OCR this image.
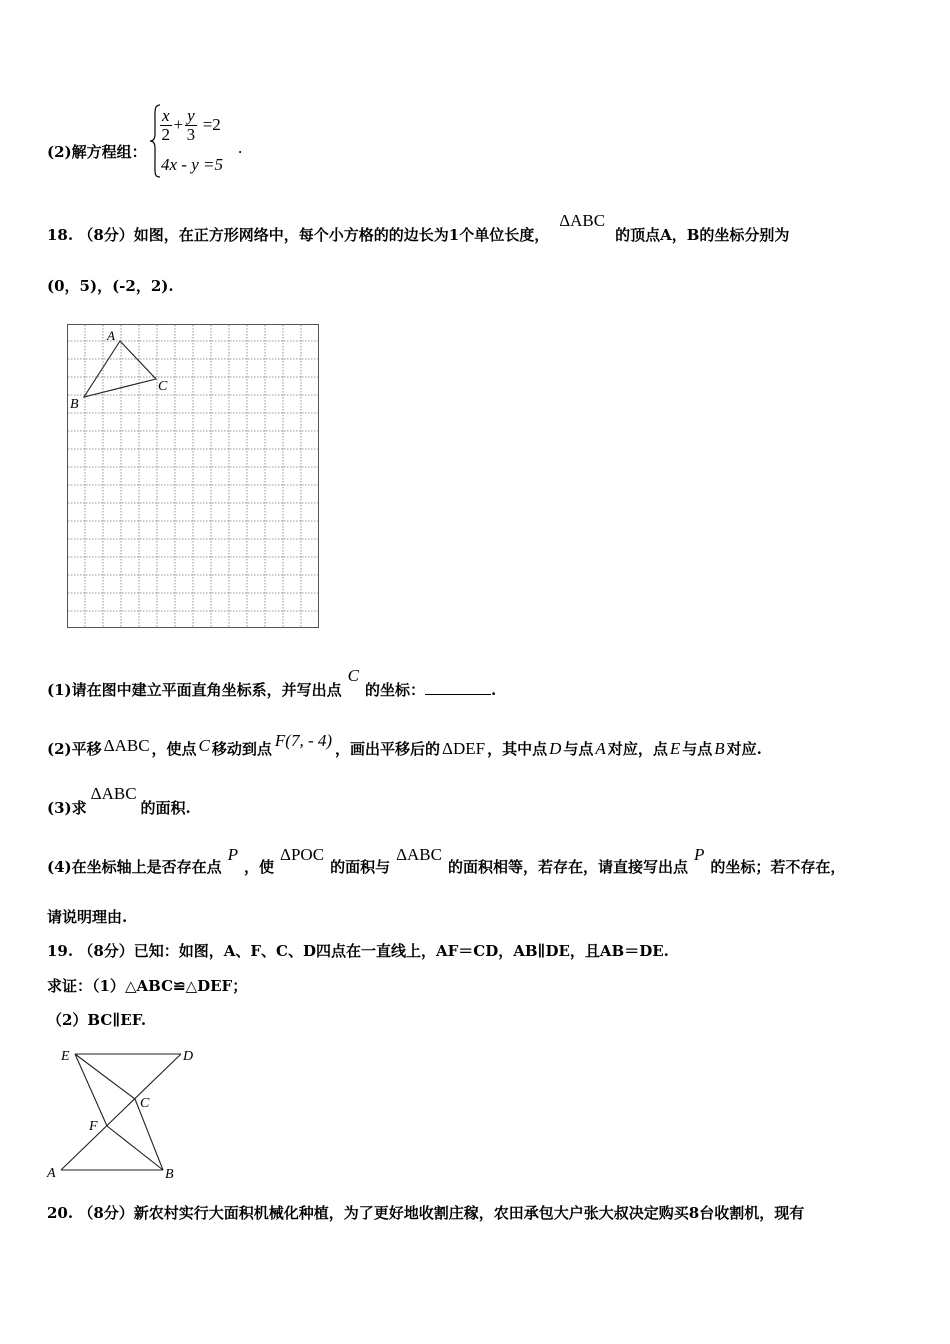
(2)解方程组：
$\frac{x}{2} + \frac{y}{3} =2$
4x - y =5
.
18. （8分）如图，在正方形网络中，每个小方格的的边长为1个单位长度，ΔABC的顶点A，B的坐标分别为
(0，5)，(-2，2).
A
B
C
(1)请在图中建立平面直角坐标系，并写出点C的坐标：	.
(2)平移 ΔABC ，使点 C 移动到点 F(7, - 4) ，画出平移后的 ΔDEF ，其中点 D 与点 A 对应，点 E 与点 B 对应.
(3)求ΔABC的面积.
(4)在坐标轴上是否存在点P，使ΔPOC的面积与ΔABC的面积相等，若存在，请直接写出点P的坐标；若不存在，
请说明理由.
19. （8分）已知：如图，A、F、C、D四点在一直线上，AF＝CD，AB∥DE，且AB＝DE.
求证：（1）△ABC≌△DEF；
（2）BC∥EF.
E	D
C
F
A	B
20. （8分）新农村实行大面积机械化种植，为了更好地收割庄稼，农田承包大户张大叔决定购买8台收割机，现有
